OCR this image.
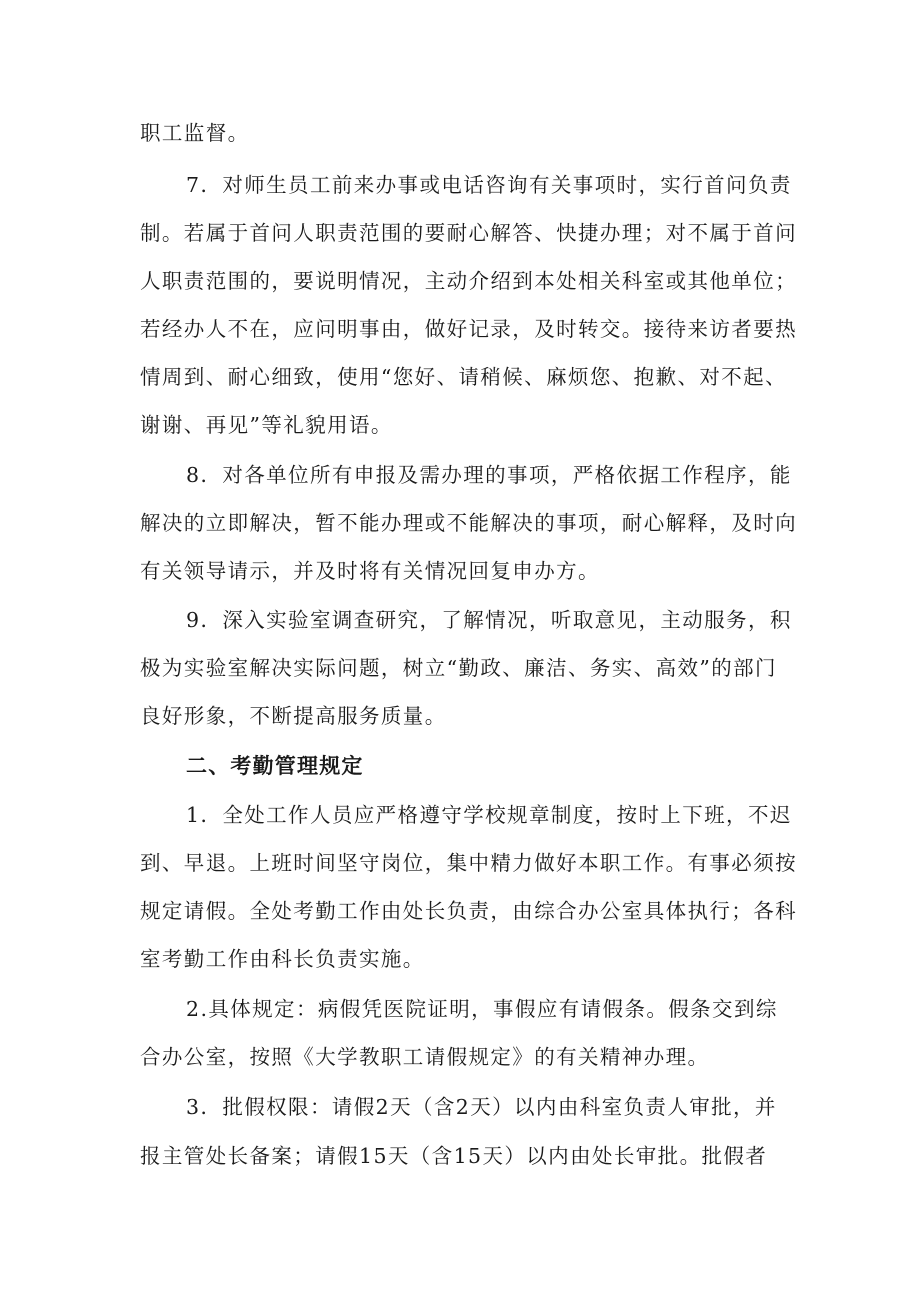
职工监督。
7．对师生员工前来办事或电话咨询有关事项时，实行首问负责
制。若属于首问人职责范围的要耐心解答、快捷办理；对不属于首问
人职责范围的，要说明情况，主动介绍到本处相关科室或其他单位；
若经办人不在，应问明事由，做好记录，及时转交。接待来访者要热
情周到、耐心细致，使用“您好、请稍候、麻烦您、抱歉、对不起、
谢谢、再见”等礼貌用语。
8．对各单位所有申报及需办理的事项，严格依据工作程序，能
解决的立即解决，暂不能办理或不能解决的事项，耐心解释，及时向
有关领导请示，并及时将有关情况回复申办方。
9．深入实验室调查研究，了解情况，听取意见，主动服务，积
极为实验室解决实际问题，树立“勤政、廉洁、务实、高效”的部门
良好形象，不断提高服务质量。
二、考勤管理规定
1．全处工作人员应严格遵守学校规章制度，按时上下班，不迟
到、早退。上班时间坚守岗位，集中精力做好本职工作。有事必须按
规定请假。全处考勤工作由处长负责，由综合办公室具体执行；各科
室考勤工作由科长负责实施。
2.具体规定：病假凭医院证明，事假应有请假条。假条交到综
合办公室，按照《大学教职工请假规定》的有关精神办理。
3．批假权限：请假2天（含2天）以内由科室负责人审批，并
报主管处长备案；请假15天（含15天）以内由处长审批。批假者
